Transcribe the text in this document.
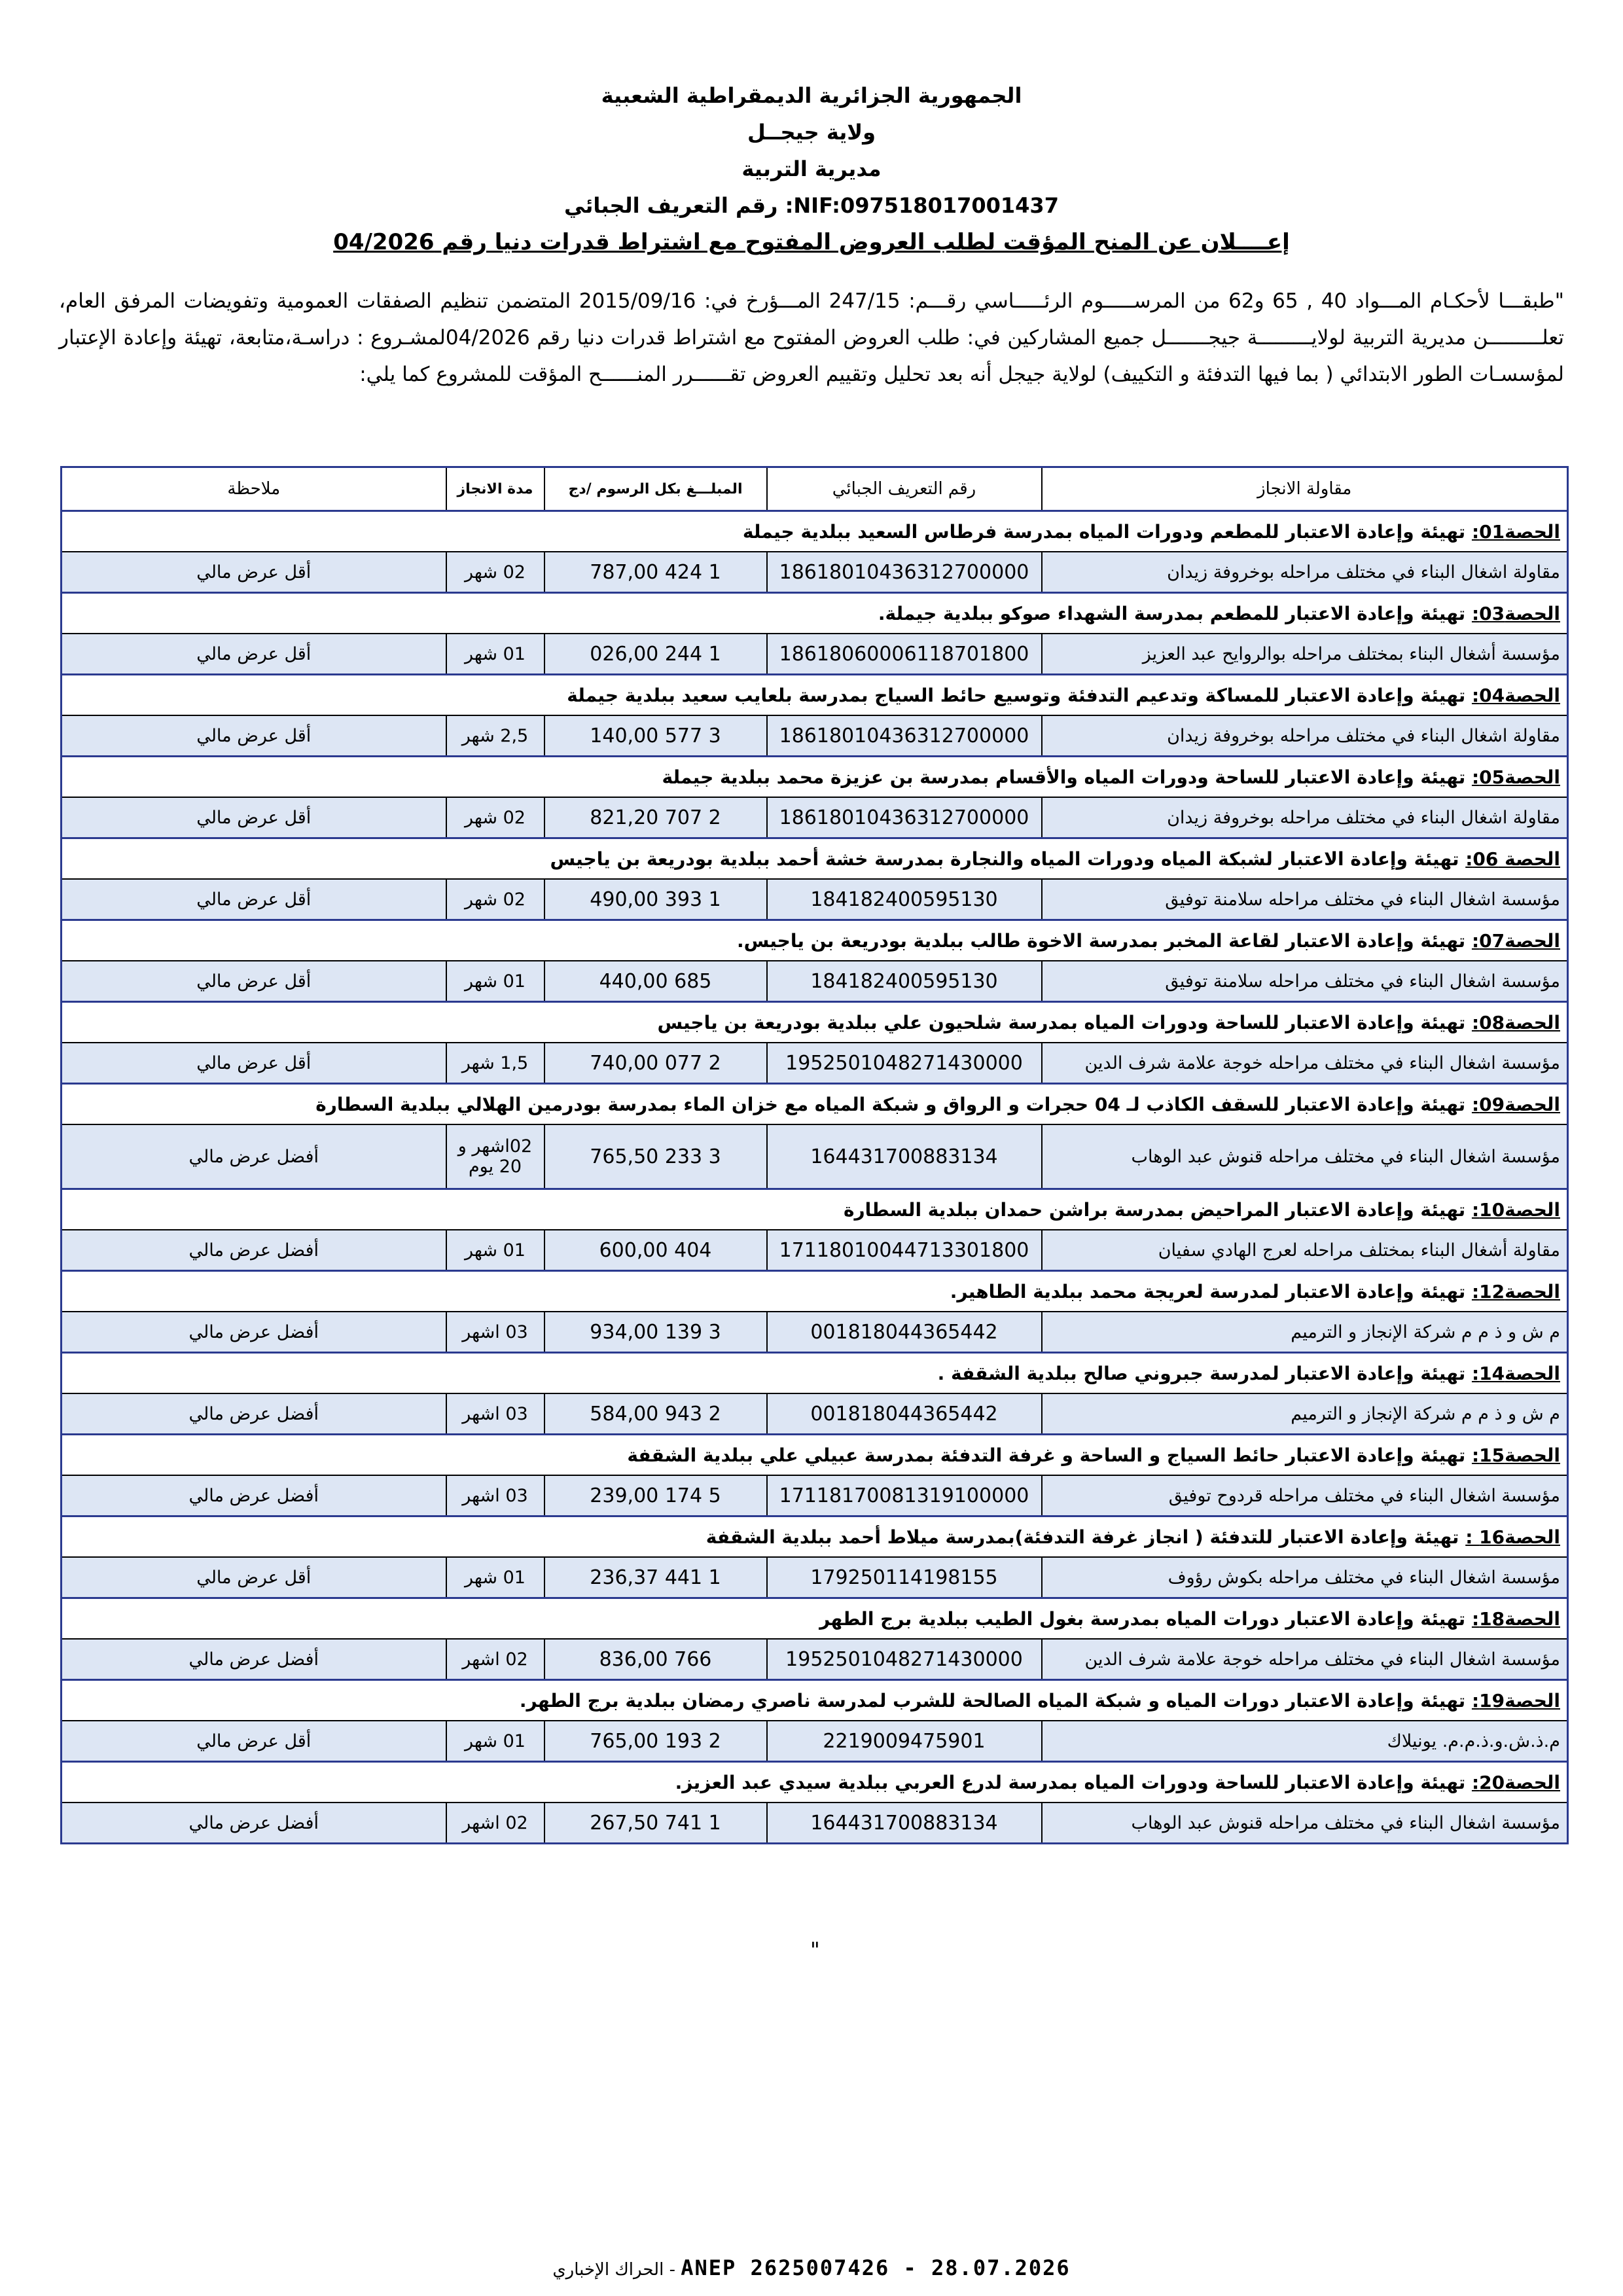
الجمهورية الجزائرية الديمقراطية الشعبية
ولاية جيجــل
مديرية التربية
NIF:097518017001437: رقم التعريف الجبائي
إعــــلان عن المنح المؤقت لطلب العروض المفتوح مع اشتراط قدرات دنيا رقم 04/2026

"طبقـــا لأحكـام المـــواد 40 , 65 و62 من المرســـــوم الرئـــــاسي رقـــم: 247/15 المـــؤرخ في: 2015/09/16 المتضمن تنظيم الصفقات العمومية وتفويضات المرفق العام، تعلـــــــــن مديرية التربية لولايـــــــــة جيجـــــــل جميع المشاركين في: طلب العروض المفتوح مع اشتراط قدرات دنيا رقم 04/2026لمشـروع : دراسـة،متابعة، تهيئة وإعادة الإعتبار لمؤسسـات الطور الابتدائي ( بما فيها التدفئة و التكييف) لولاية جيجل أنه بعد تحليل وتقييم العروض تقــــــرر المنــــــح المؤقت للمشروع كما يلي:

مقاولة الانجاز	رقم التعريف الجبائي	المبلـــغ بكل الرسوم /دج	مدة الانجاز	ملاحظة
الحصة01: تهيئة وإعادة الاعتبار للمطعم ودورات المياه بمدرسة فرطاس السعيد ببلدية جيملة				
مقاولة اشغال البناء في مختلف مراحله بوخروفة زيدان	18618010436312700000	1 424 787,00	02 شهر	أقل عرض مالي
الحصة03: تهيئة وإعادة الاعتبار للمطعم بمدرسة الشهداء صوكو ببلدية جيملة.				
مؤسسة أشغال البناء بمختلف مراحله بوالروايح عبد العزيز	18618060006118701800	1 244 026,00	01 شهر	أقل عرض مالي
الحصة04: تهيئة وإعادة الاعتبار للمساكة وتدعيم التدفئة وتوسيع حائط السياج بمدرسة بلعايب سعيد ببلدية جيملة				
مقاولة اشغال البناء في مختلف مراحله بوخروفة زيدان	18618010436312700000	3 577 140,00	2,5 شهر	أقل عرض مالي
الحصة05: تهيئة وإعادة الاعتبار للساحة ودورات المياه والأقسام بمدرسة بن عزيزة محمد ببلدية جيملة				
مقاولة اشغال البناء في مختلف مراحله بوخروفة زيدان	18618010436312700000	2 707 821,20	02 شهر	أقل عرض مالي
الحصة 06: تهيئة وإعادة الاعتبار لشبكة المياه ودورات المياه والنجارة بمدرسة خشة أحمد ببلدية بودريعة بن ياجيس				
مؤسسة اشغال البناء في مختلف مراحله سلامنة توفيق	184182400595130	1 393 490,00	02 شهر	أقل عرض مالي
الحصة07: تهيئة وإعادة الاعتبار لقاعة المخبر بمدرسة الاخوة طالب ببلدية بودريعة بن ياجيس.				
مؤسسة اشغال البناء في مختلف مراحله سلامنة توفيق	184182400595130	685 440,00	01 شهر	أقل عرض مالي
الحصة08: تهيئة وإعادة الاعتبار للساحة ودورات المياه بمدرسة شلحيون علي ببلدية بودريعة بن ياجيس				
مؤسسة اشغال البناء في مختلف مراحله خوجة علامة شرف الدين	1952501048271430000	2 077 740,00	1,5 شهر	أقل عرض مالي
الحصة09: تهيئة وإعادة الاعتبار للسقف الكاذب لـ 04 حجرات و الرواق و شبكة المياه مع خزان الماء بمدرسة بودرمين الهلالي ببلدية السطارة				
مؤسسة اشغال البناء في مختلف مراحله قنوش عبد الوهاب	164431700883134	3 233 765,50	02اشهر و 20 يوم	أفضل عرض مالي
الحصة10: تهيئة وإعادة الاعتبار المراحيض بمدرسة براشن حمدان ببلدية السطارة				
مقاولة أشغال البناء بمختلف مراحله لعرج الهادي سفيان	17118010044713301800	404 600,00	01 شهر	أفضل عرض مالي
الحصة12: تهيئة وإعادة الاعتبار لمدرسة لعريجة محمد ببلدية الطاهير.				
م ش و ذ م م شركة الإنجاز و الترميم	001818044365442	3 139 934,00	03 اشهر	أفضل عرض مالي
الحصة14: تهيئة وإعادة الاعتبار لمدرسة جبروني صالح ببلدية الشقفة .				
م ش و ذ م م شركة الإنجاز و الترميم	001818044365442	2 943 584,00	03 اشهر	أفضل عرض مالي
الحصة15: تهيئة وإعادة الاعتبار حائط السياج و الساحة و غرفة التدفئة بمدرسة عبيلي علي ببلدية الشقفة				
مؤسسة اشغال البناء في مختلف مراحله قردوح توفيق	17118170081319100000	5 174 239,00	03 اشهر	أفضل عرض مالي
الحصة16 : تهيئة وإعادة الاعتبار للتدفئة ( انجاز غرفة التدفئة)بمدرسة ميلاط أحمد ببلدية الشقفة				
مؤسسة اشغال البناء في مختلف مراحله بكوش رؤوف	179250114198155	1 441 236,37	01 شهر	أقل عرض مالي
الحصة18: تهيئة وإعادة الاعتبار دورات المياه بمدرسة بغول الطيب ببلدية برج الطهر				
مؤسسة اشغال البناء في مختلف مراحله خوجة علامة شرف الدين	1952501048271430000	766 836,00	02 اشهر	أفضل عرض مالي
الحصة19: تهيئة وإعادة الاعتبار دورات المياه و شبكة المياه الصالحة للشرب لمدرسة ناصري رمضان ببلدية برج الطهر.				
م.ذ.ش.و.ذ.م.م. يونيلاك	2219009475901	2 193 765,00	01 شهر	أقل عرض مالي
الحصة20: تهيئة وإعادة الاعتبار للساحة ودورات المياه بمدرسة لدرع العربي ببلدية سيدي عبد العزيز.				
مؤسسة اشغال البناء في مختلف مراحله قنوش عبد الوهاب	164431700883134	1 741 267,50	02 اشهر	أفضل عرض مالي
"
الحراك الإخباري - ANEP 2625007426 - 28.07.2026
